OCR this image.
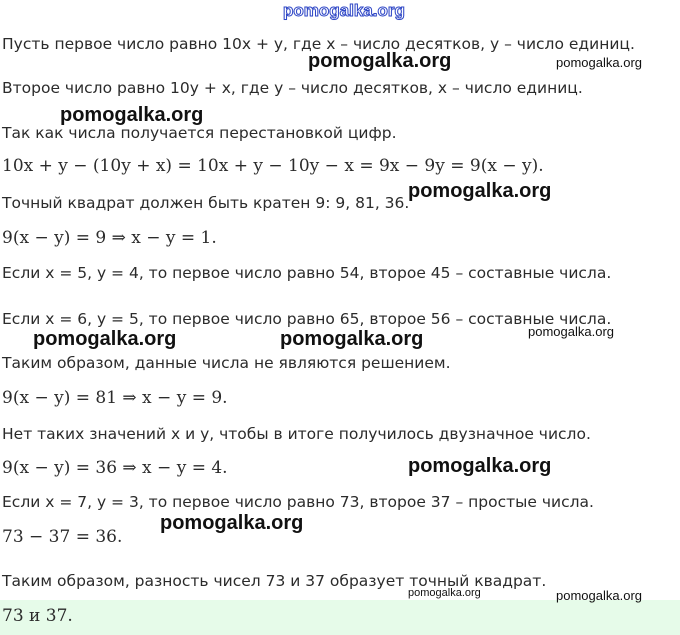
pomogalka.org
Пусть первое число равно 10x + y, где x – число десятков, y – число единиц.
Второе число равно 10y + x, где y – число десятков, x – число единиц.
Так как числа получается перестановкой цифр.
10x + y − (10y + x) = 10x + y − 10y − x = 9x − 9y = 9(x − y).
Точный квадрат должен быть кратен 9: 9, 81, 36.
9(x − y) = 9 ⇒ x − y = 1.
Если x = 5, y = 4, то первое число равно 54, второе 45 – составные числа.
Если x = 6, y = 5, то первое число равно 65, второе 56 – составные числа.
Таким образом, данные числа не являются решением.
9(x − y) = 81 ⇒ x − y = 9.
Нет таких значений x и y, чтобы в итоге получилось двузначное число.
9(x − y) = 36 ⇒ x − y = 4.
Если x = 7, y = 3, то первое число равно 73, второе 37 – простые числа.
73 − 37 = 36.
Таким образом, разность чисел 73 и 37 образует точный квадрат.
73 и 37.
pomogalka.org	pomogalka.org
pomogalka.org
pomogalka.org
pomogalka.org	pomogalka.org	pomogalka.org
pomogalka.org
pomogalka.org
pomogalka.org	pomogalka.org
